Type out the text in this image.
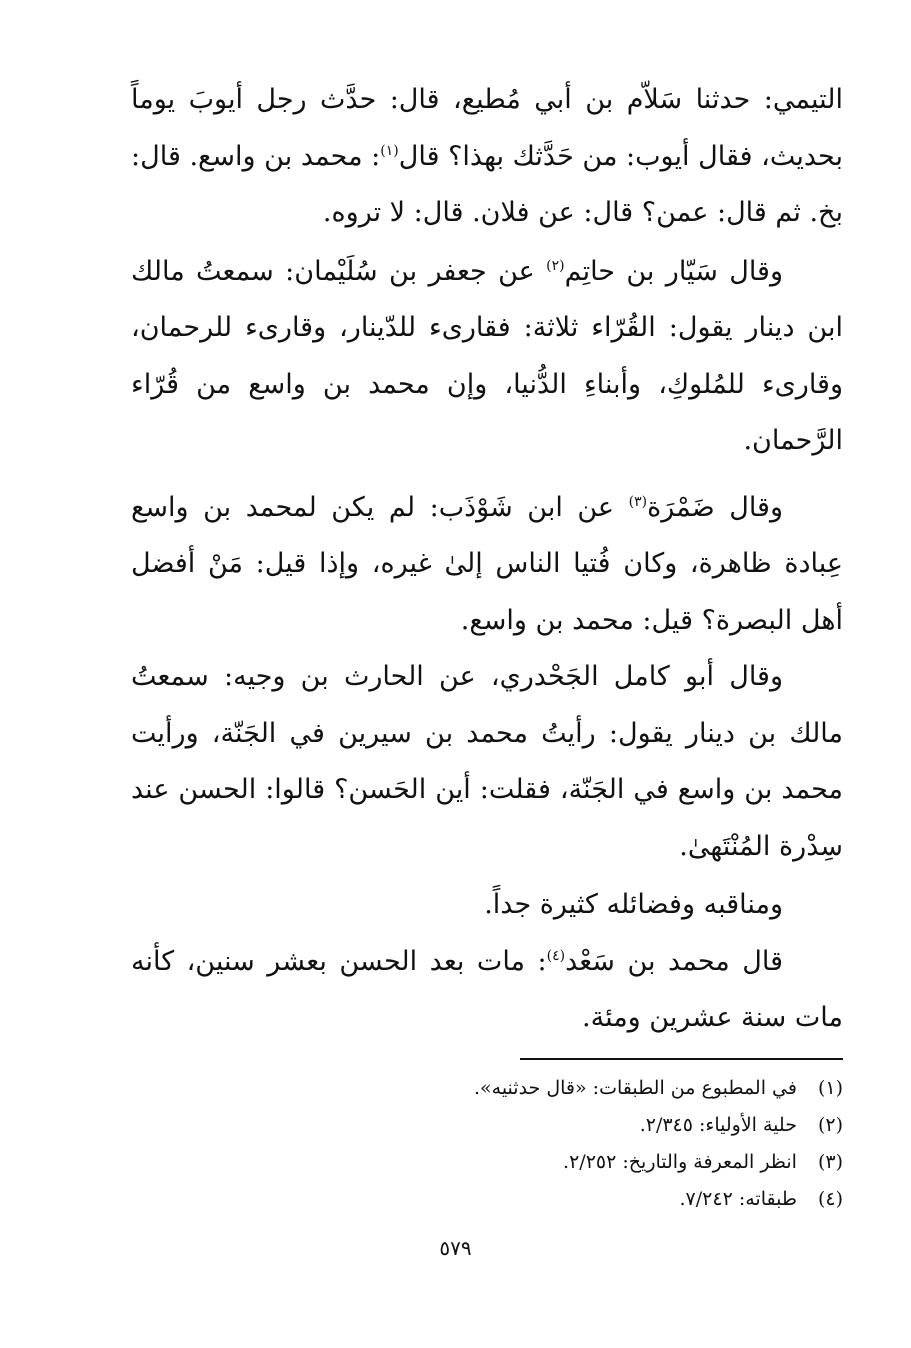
التيمي: حدثنا سَلاّم بن أبي مُطيع، قال: حدَّث رجل أيوبَ يوماً بحديث، فقال أيوب: من حَدَّثك بهذا؟ قال$^{(١)}$: محمد بن واسع. قال: بخ. ثم قال: عمن؟ قال: عن فلان. قال: لا تروه.

وقال سَيّار بن حاتِم$^{(٢)}$ عن جعفر بن سُلَيْمان: سمعتُ مالك ابن دينار يقول: القُرّاء ثلاثة: فقارىء للدّينار، وقارىء للرحمان، وقارىء للمُلوكِ، وأبناءِ الدُّنيا، وإن محمد بن واسع من قُرّاء الرَّحمان.

وقال ضَمْرَة$^{(٣)}$ عن ابن شَوْذَب: لم يكن لمحمد بن واسع عِبادة ظاهرة، وكان فُتيا الناس إلىٰ غيره، وإذا قيل: مَنْ أفضل أهل البصرة؟ قيل: محمد بن واسع.

وقال أبو كامل الجَحْدري، عن الحارث بن وجيه: سمعتُ مالك بن دينار يقول: رأيتُ محمد بن سيرين في الجَنّة، ورأيت محمد بن واسع في الجَنّة، فقلت: أين الحَسن؟ قالوا: الحسن عند سِدْرة المُنْتَهىٰ.

ومناقبه وفضائله كثيرة جداً.

قال محمد بن سَعْد$^{(٤)}$: مات بعد الحسن بعشر سنين، كأنه مات سنة عشرين ومئة.

(١) في المطبوع من الطبقات: «قال حدثنيه».
(٢) حلية الأولياء: ٢/٣٤٥.
(٣) انظر المعرفة والتاريخ: ٢/٢٥٢.
(٤) طبقاته: ٧/٢٤٢.
٥٧٩
